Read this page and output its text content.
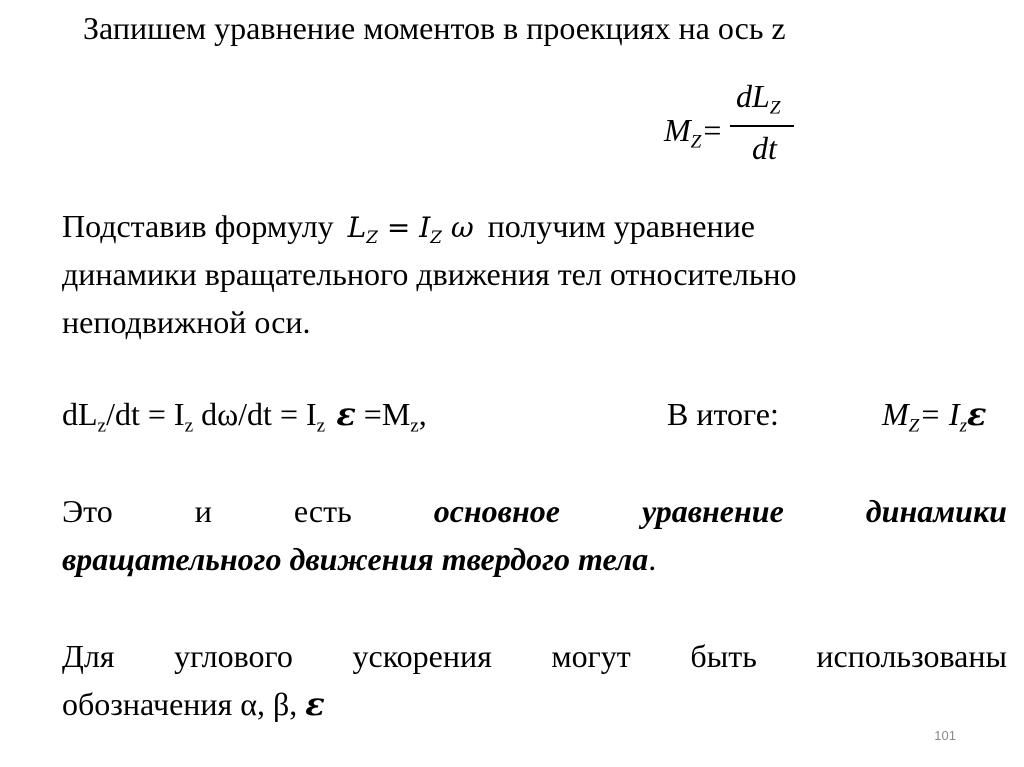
Запишем уравнение моментов в проекциях на ось z
$M_Z=$
$dL_Z$
dt
Подставив формулу $L_Z = I_Z$ ω получим уравнение
динамики вращательного движения тел относительно
неподвижной оси.
$dL_z/dt = I_z$ $d\omega/dt = I_z$ $\varepsilon =M_z$,	В итоге:	$M_Z= I_z\varepsilon$
Это	и	есть	основное	уравнение	динамики
вращательного движения твердого тела.
Для углового ускорения могут быть использованы
обозначения α, β, ε
101
